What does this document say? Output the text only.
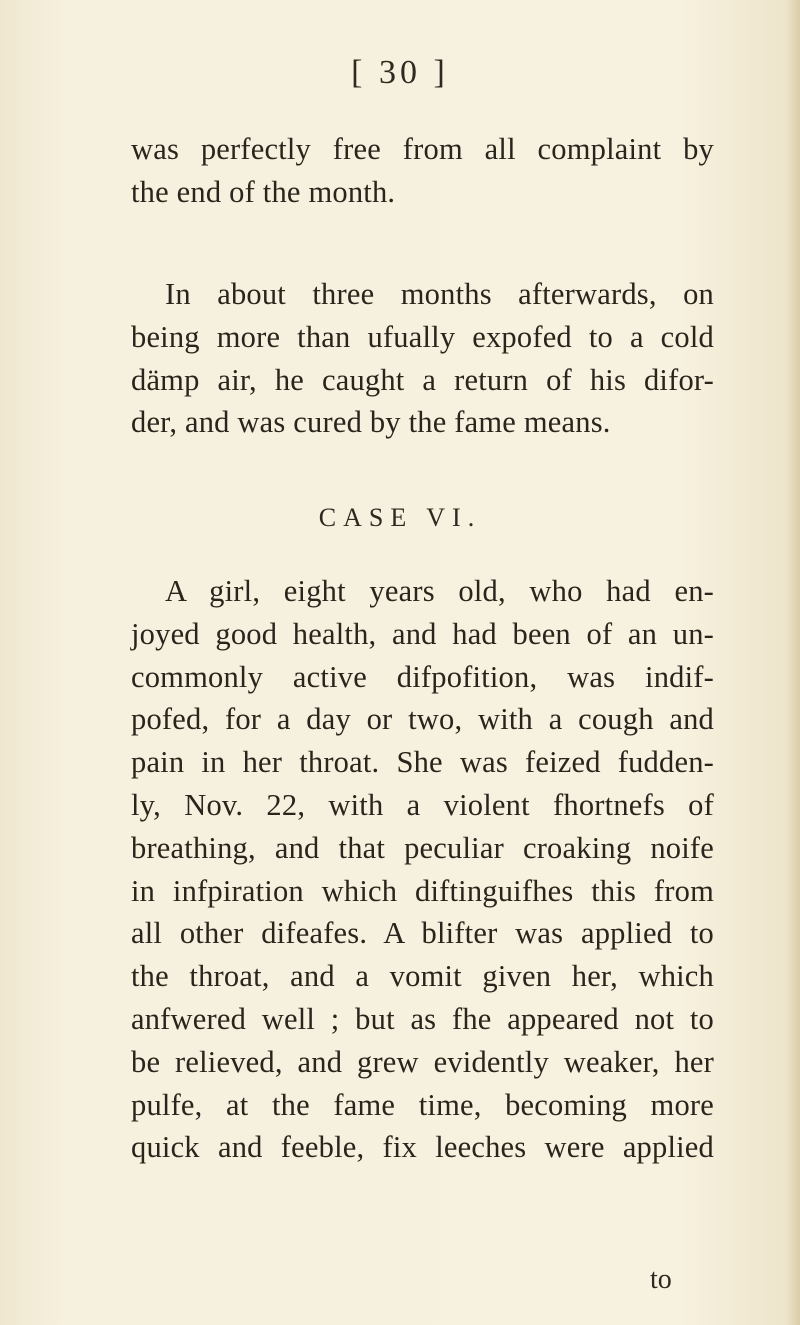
[ 30 ]
was perfectly free from all complaint by
the end of the month.
In about three months afterwards, on
being more than ufually expofed to a cold
dämp air, he caught a return of his difor-
der, and was cured by the fame means.
CASE VI.
A girl, eight years old, who had en-
joyed good health, and had been of an un-
commonly active difpofition, was indif-
pofed, for a day or two, with a cough and
pain in her throat. She was feized fudden-
ly, Nov. 22, with a violent fhortnefs of
breathing, and that peculiar croaking noife
in infpiration which diftinguifhes this from
all other difeafes. A blifter was applied to
the throat, and a vomit given her, which
anfwered well ; but as fhe appeared not to
be relieved, and grew evidently weaker, her
pulfe, at the fame time, becoming more
quick and feeble, fix leeches were applied
to
